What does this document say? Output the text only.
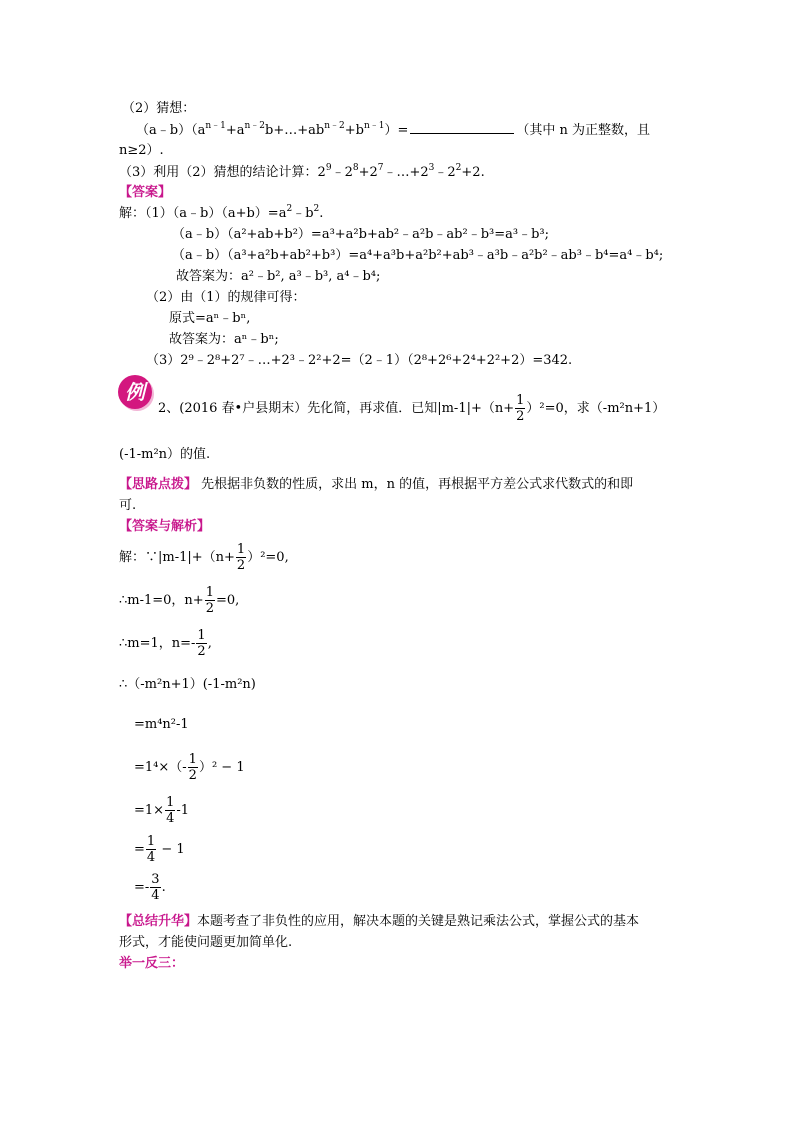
（2）猜想：
$(a﹣b)(a^{n﹣1}+a^{n﹣2}b+\dots+ab^{n﹣2}+b^{n﹣1})=$	（其中 n 为正整数，且
n≥2）.
（3）利用（2）猜想的结论计算：$2^9﹣2^8+2^7﹣\dots+2^3﹣2^2+2$.
【答案】
解：$(1)(a﹣b)(a+b)=a^2﹣b^2$.
（a﹣b）（a²+ab+b²）=a³+a²b+ab²﹣a²b﹣ab²﹣b³=a³﹣b³;
（a﹣b）（a³+a²b+ab²+b³）=a⁴+a³b+a²b²+ab³﹣a³b﹣a²b²﹣ab³﹣b⁴=a⁴﹣b⁴;
故答案为：a²﹣b², a³﹣b³, a⁴﹣b⁴;
（2）由（1）的规律可得：
原式=aⁿ﹣bⁿ,
故答案为：aⁿ﹣bⁿ;
（3）2⁹﹣2⁸+2⁷﹣…+2³﹣2²+2=（2﹣1）（2⁸+2⁶+2⁴+2²+2）=342.
例
2、(2016 春•户县期末）先化简，再求值．已知$|m-1|+(n+ \frac{1}{2} )^2=0$，求（-m²n+1）
(-1-m²n）的值.
【思路点拨】 先根据非负数的性质，求出 m，n 的值，再根据平方差公式求代数式的和即
可.
【答案与解析】
解：∵|m-1|+（n+ $\frac{1}{2} )^2=0$,
∴m-1=0，$n+ \frac{1}{2} =0$,
∴m=1，$n=- \frac{1}{2}$ ,
∴（-m²n+1）(-1-m²n)
=m⁴n²-1
$=1^4\times(- \frac{1}{2} )^2 - 1$
$=1\times \frac{1}{4} -1$
= $\frac{1}{4} - 1$
=- $\frac{3}{4}$ .
【总结升华】本题考查了非负性的应用，解决本题的关键是熟记乘法公式，掌握公式的基本
形式，才能使问题更加简单化.
举一反三：
